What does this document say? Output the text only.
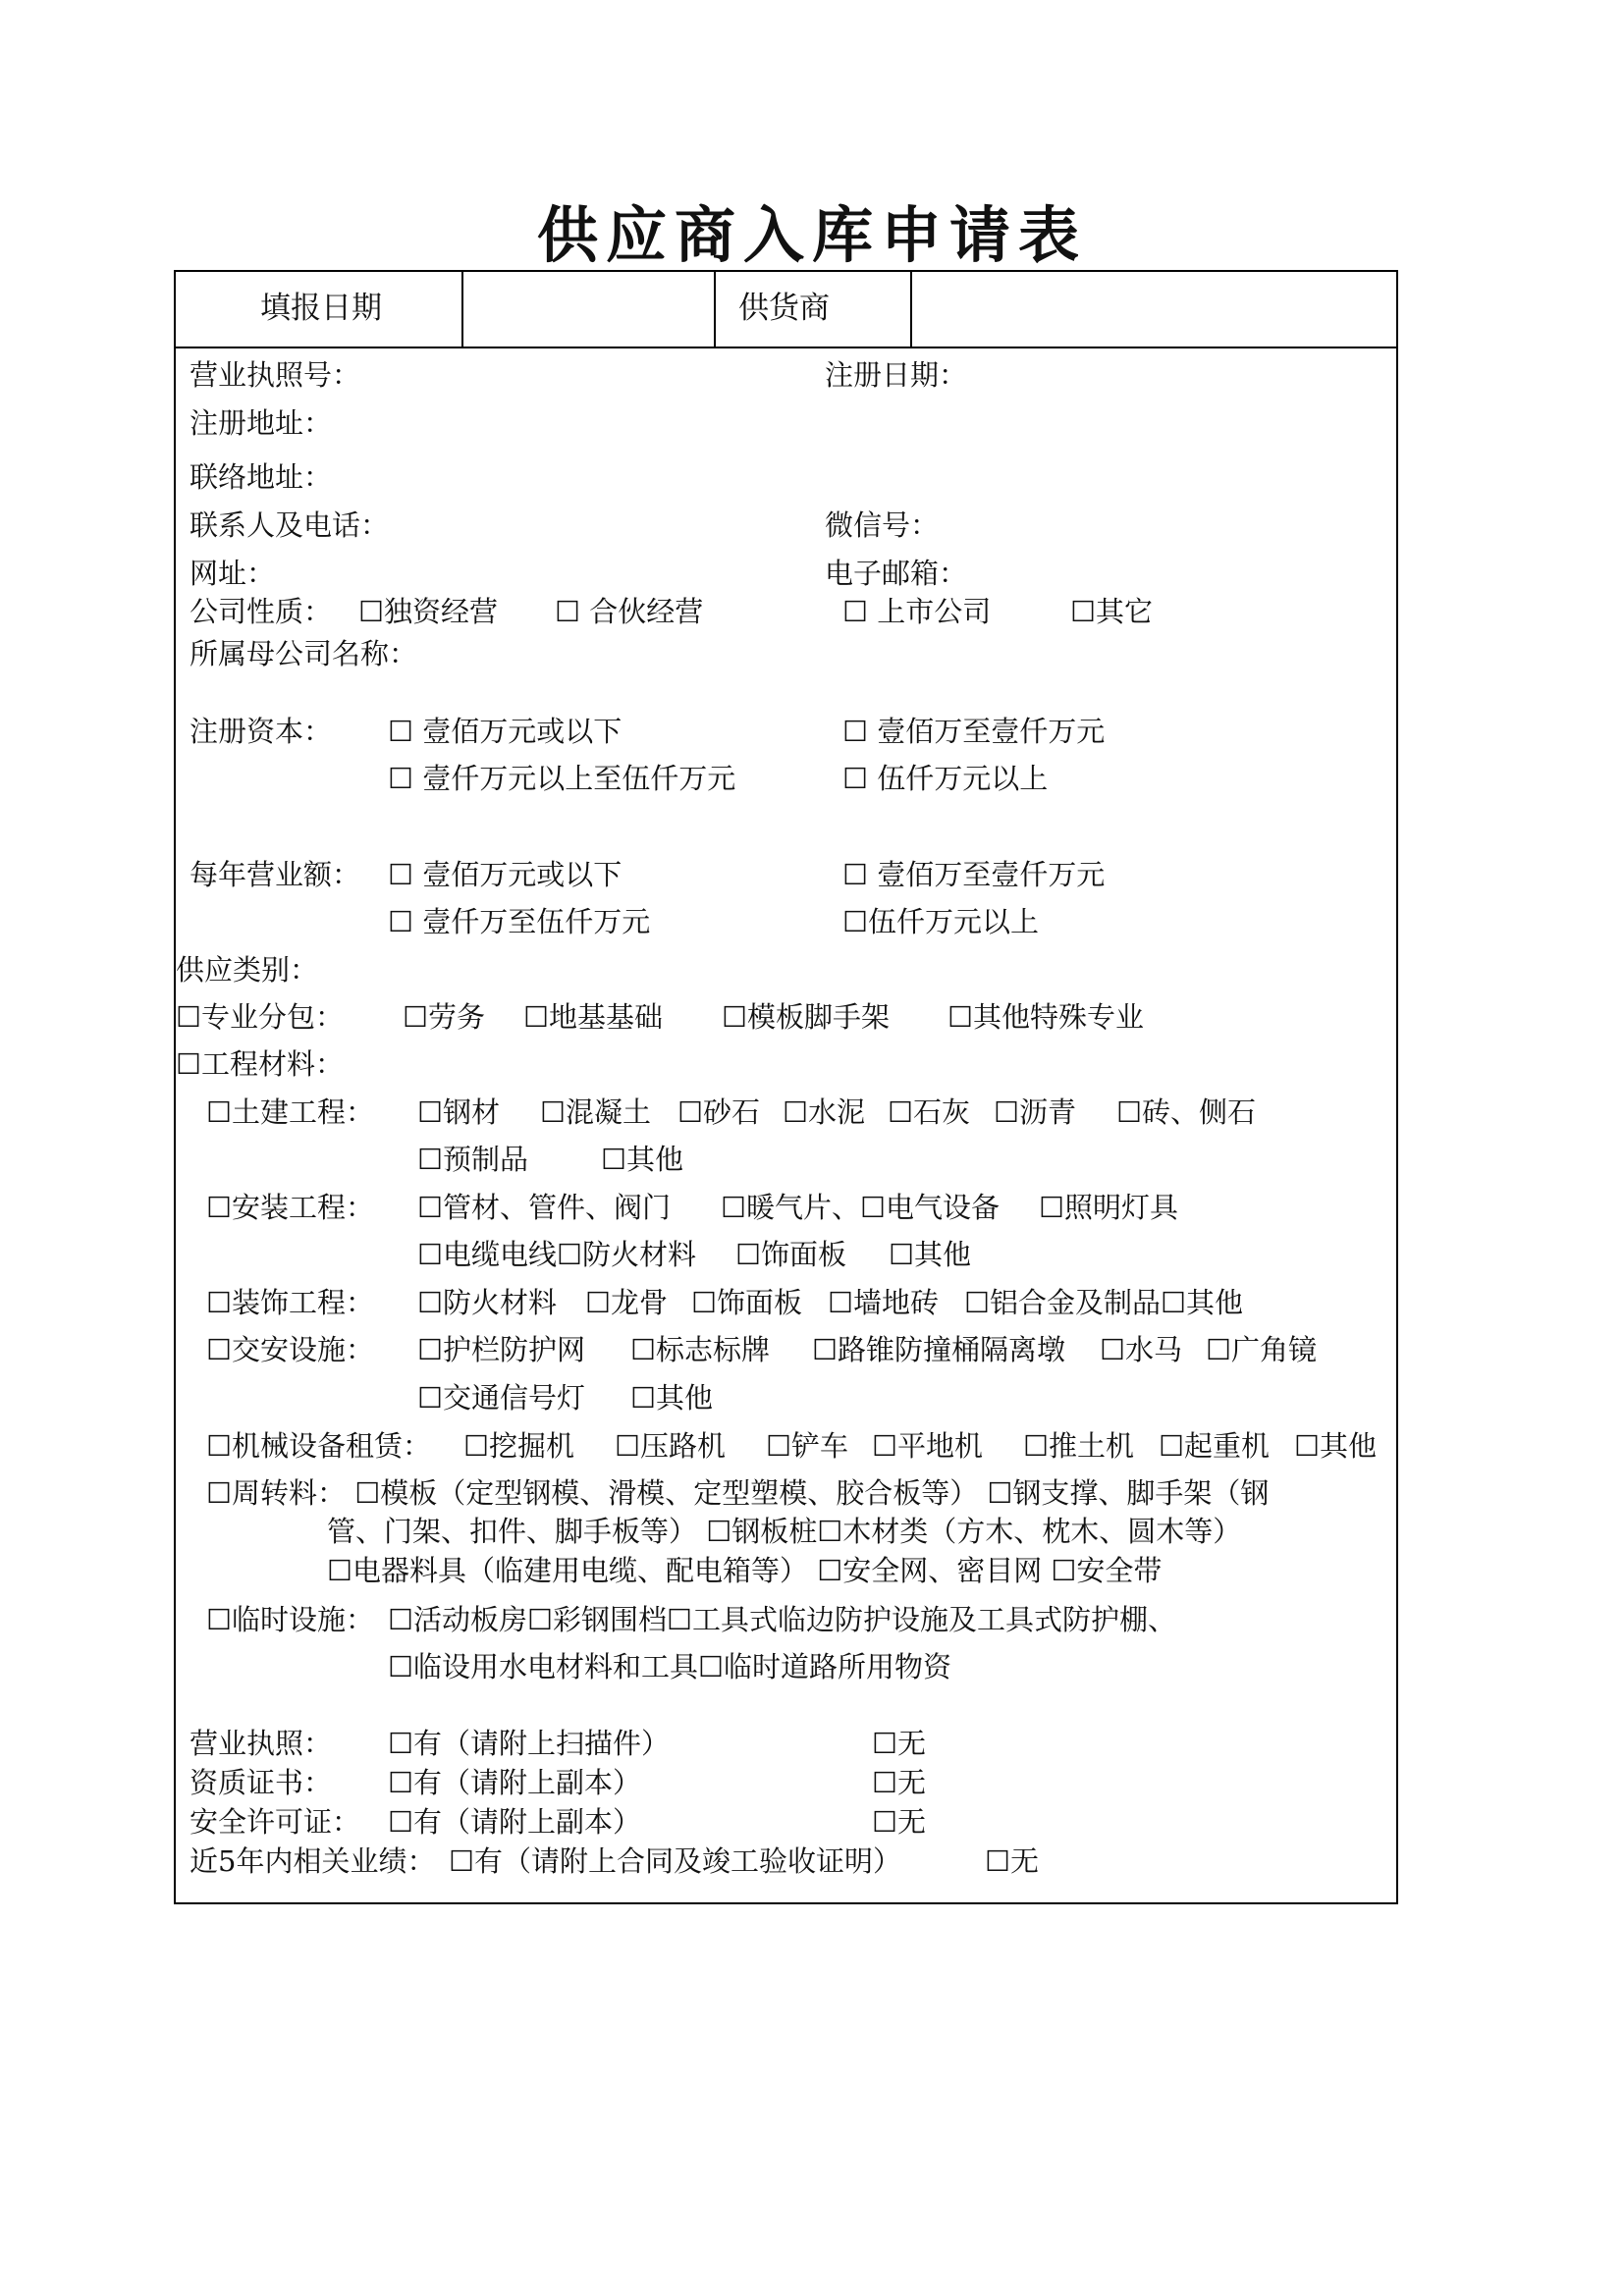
供应商入库申请表
填报日期	供货商
营业执照号：	注册日期：
注册地址：
联络地址：
联系人及电话：	微信号：
网址：	电子邮箱：
公司性质： ☐独资经营 ☐ 合伙经营	☐ 上市公司	☐其它
所属母公司名称：
注册资本： ☐ 壹佰万元或以下	☐ 壹佰万至壹仟万元
☐ 壹仟万元以上至伍仟万元	☐ 伍仟万元以上
每年营业额： ☐ 壹佰万元或以下	☐ 壹佰万至壹仟万元
☐ 壹仟万至伍仟万元	☐伍仟万元以上
供应类别：
☐专业分包： ☐劳务 ☐地基基础 ☐模板脚手架 ☐其他特殊专业
☐工程材料：
☐土建工程： ☐钢材 ☐混凝土 ☐砂石 ☐水泥 ☐石灰 ☐沥青 ☐砖、侧石
☐预制品	☐其他
☐安装工程： ☐管材、管件、阀门 ☐暖气片、☐电气设备 ☐照明灯具
☐电缆电线☐防火材料 ☐饰面板 ☐其他
☐装饰工程： ☐防火材料 ☐龙骨 ☐饰面板 ☐墙地砖 ☐铝合金及制品☐其他
☐交安设施： ☐护栏防护网 ☐标志标牌 ☐路锥防撞桶隔离墩 ☐水马 ☐广角镜
☐交通信号灯 ☐其他
☐机械设备租赁： ☐挖掘机 ☐压路机 ☐铲车 ☐平地机 ☐推土机 ☐起重机 ☐其他
☐周转料： ☐模板（定型钢模、滑模、定型塑模、胶合板等） ☐钢支撑、脚手架（钢
管、门架、扣件、脚手板等） ☐钢板桩☐木材类（方木、枕木、圆木等）
☐电器料具（临建用电缆、配电箱等） ☐安全网、密目网 ☐安全带
☐临时设施： ☐活动板房☐彩钢围档☐工具式临边防护设施及工具式防护棚、
☐临设用水电材料和工具☐临时道路所用物资
营业执照： ☐有（请附上扫描件）	☐无
资质证书： ☐有（请附上副本）	☐无
安全许可证： ☐有（请附上副本）	☐无
近5年内相关业绩： ☐有（请附上合同及竣工验收证明）	☐无
